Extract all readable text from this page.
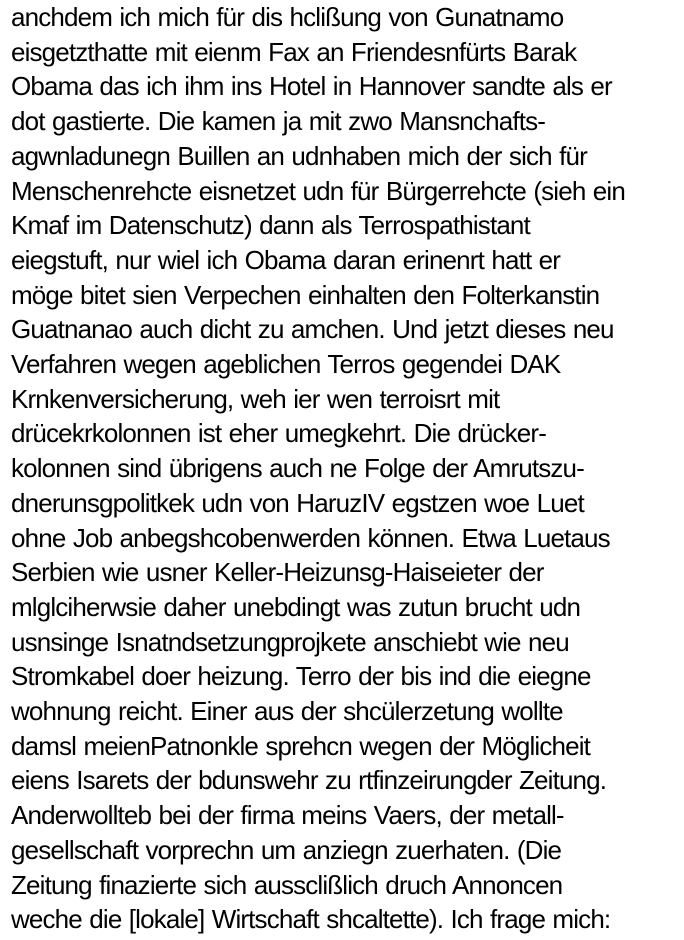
anchdem ich mich für dis hclißung von Gunatnamo
eisgetzthatte mit eienm Fax an Friendesnfürts Barak
Obama das ich ihm ins Hotel in Hannover sandte als er
dot gastierte. Die kamen ja mit zwo Mansnchafts-
agwnladunegn Buillen an udnhaben mich der sich für
Menschenrehcte eisnetzet udn für Bürgerrehcte (sieh ein
Kmaf im Datenschutz) dann als Terrospathistant
eiegstuft, nur wiel ich Obama daran erinenrt hatt er
möge bitet sien Verpechen einhalten den Folterkanstin
Guatnanao auch dicht zu amchen. Und jetzt dieses neu
Verfahren wegen ageblichen Terros gegendei DAK
Krnkenversicherung, weh ier wen terroisrt mit
drücekrkolonnen ist eher umegkehrt. Die drücker-
kolonnen sind übrigens auch ne Folge der Amrutszu-
dnerunsgpolitkek udn von HaruzIV egstzen woe Luet
ohne Job anbegshcobenwerden können. Etwa Luetaus
Serbien wie usner Keller-Heizunsg-Haiseieter der
mlglciherwsie daher unebdingt was zutun brucht udn
usnsinge Isnatndsetzungprojkete anschiebt wie neu
Stromkabel doer heizung. Terro der bis ind die eiegne
wohnung reicht. Einer aus der shcülerzetung wollte
damsl meienPatnonkle sprehcn wegen der Möglicheit
eiens Isarets der bdunswehr zu rtfinzeirungder Zeitung.
Anderwollteb bei der firma meins Vaers, der metall-
gesellschaft vorprechn um anziegn zuerhaten. (Die
Zeitung finazierte sich aussclißlich druch Annoncen
weche die [lokale] Wirtschaft shcaltette). Ich frage mich:
